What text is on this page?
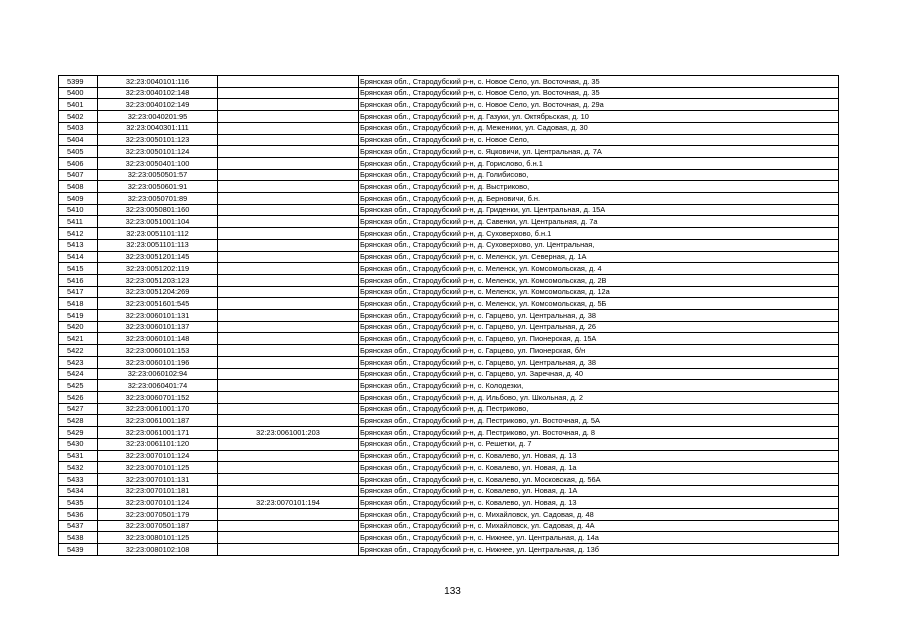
5399	32:23:0040101:116		Брянская обл., Стародубский р-н, с. Новое Село, ул. Восточная, д. 35
5400	32:23:0040102:148		Брянская обл., Стародубский р-н, с. Новое Село, ул. Восточная, д. 35
5401	32:23:0040102:149		Брянская обл., Стародубский р-н, с. Новое Село, ул. Восточная, д. 29а
5402	32:23:0040201:95		Брянская обл., Стародубский р-н, д. Газуки, ул. Октябрьская, д. 10
5403	32:23:0040301:111		Брянская обл., Стародубский р-н, д. Меженики, ул. Садовая, д. 30
5404	32:23:0050101:123		Брянская обл., Стародубский р-н, с. Новое Село,
5405	32:23:0050101:124		Брянская обл., Стародубский р-н, с. Яцковичи, ул. Центральная, д. 7А
5406	32:23:0050401:100		Брянская обл., Стародубский р-н, д. Горислово, б.н.1
5407	32:23:0050501:57		Брянская обл., Стародубский р-н, д. Голибисово,
5408	32:23:0050601:91		Брянская обл., Стародубский р-н, д. Выстриково,
5409	32:23:0050701:89		Брянская обл., Стародубский р-н, д. Берновичи, б.н.
5410	32:23:0050801:160		Брянская обл., Стародубский р-н, д. Гриденки, ул. Центральная, д. 15А
5411	32:23:0051001:104		Брянская обл., Стародубский р-н, д. Савенки, ул. Центральная, д. 7а
5412	32:23:0051101:112		Брянская обл., Стародубский р-н, д. Суховерхово, б.н.1
5413	32:23:0051101:113		Брянская обл., Стародубский р-н, д. Суховерхово, ул. Центральная,
5414	32:23:0051201:145		Брянская обл., Стародубский р-н, с. Меленск, ул. Северная, д. 1А
5415	32:23:0051202:119		Брянская обл., Стародубский р-н, с. Меленск, ул. Комсомольская, д. 4
5416	32:23:0051203:123		Брянская обл., Стародубский р-н, с. Меленск, ул. Комсомольская, д. 2В
5417	32:23:0051204:269		Брянская обл., Стародубский р-н, с. Меленск, ул. Комсомольская, д. 12а
5418	32:23:0051601:545		Брянская обл., Стародубский р-н, с. Меленск, ул. Комсомольская, д. 5Б
5419	32:23:0060101:131		Брянская обл., Стародубский р-н, с. Гарцево, ул. Центральная, д. 38
5420	32:23:0060101:137		Брянская обл., Стародубский р-н, с. Гарцево, ул. Центральная, д. 26
5421	32:23:0060101:148		Брянская обл., Стародубский р-н, с. Гарцево, ул. Пионерская, д. 15А
5422	32:23:0060101:153		Брянская обл., Стародубский р-н, с. Гарцево, ул. Пионерская, б/н
5423	32:23:0060101:196		Брянская обл., Стародубский р-н, с. Гарцево, ул. Центральная, д. 38
5424	32:23:0060102:94		Брянская обл., Стародубский р-н, с. Гарцево, ул. Заречная, д. 40
5425	32:23:0060401:74		Брянская обл., Стародубский р-н, с. Колодезки,
5426	32:23:0060701:152		Брянская обл., Стародубский р-н, д. Ильбово, ул. Школьная, д. 2
5427	32:23:0061001:170		Брянская обл., Стародубский р-н, д. Пестриково,
5428	32:23:0061001:187		Брянская обл., Стародубский р-н, д. Пестриково, ул. Восточная, д. 5А
5429	32:23:0061001:171	32:23:0061001:203	Брянская обл., Стародубский р-н, д. Пестриково, ул. Восточная, д. 8
5430	32:23:0061101:120		Брянская обл., Стародубский р-н, с. Решетки, д. 7
5431	32:23:0070101:124		Брянская обл., Стародубский р-н, с. Ковалево, ул. Новая, д. 13
5432	32:23:0070101:125		Брянская обл., Стародубский р-н, с. Ковалево, ул. Новая, д. 1а
5433	32:23:0070101:131		Брянская обл., Стародубский р-н, с. Ковалево, ул. Московская, д. 56А
5434	32:23:0070101:181		Брянская обл., Стародубский р-н, с. Ковалево, ул. Новая, д. 1А
5435	32:23:0070101:124	32:23:0070101:194	Брянская обл., Стародубский р-н, с. Ковалево, ул. Новая, д. 13
5436	32:23:0070501:179		Брянская обл., Стародубский р-н, с. Михайловск, ул. Садовая, д. 48
5437	32:23:0070501:187		Брянская обл., Стародубский р-н, с. Михайловск, ул. Садовая, д. 4А
5438	32:23:0080101:125		Брянская обл., Стародубский р-н, с. Нижнее, ул. Центральная, д. 14а
5439	32:23:0080102:108		Брянская обл., Стародубский р-н, с. Нижнее, ул. Центральная, д. 13б
133
